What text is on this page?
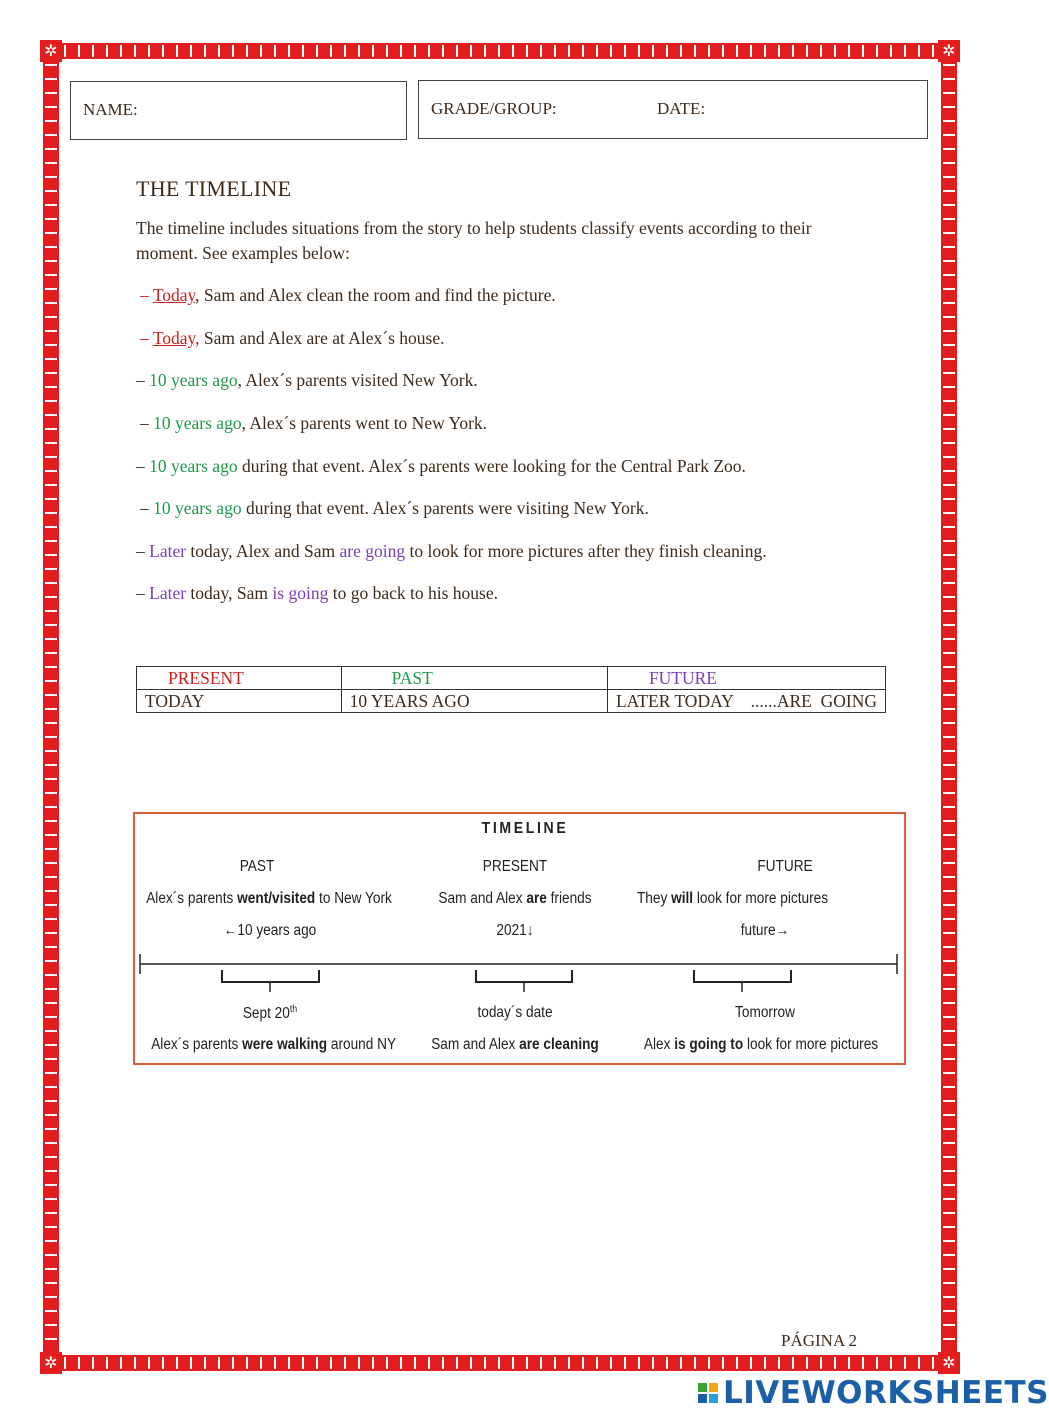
✲	✲
✲	✲
NAME:	GRADE/GROUP:	DATE:
THE TIMELINE
The timeline includes situations from the story to help students classify events according to their moment. See examples below:
– Today, Sam and Alex clean the room and find the picture.
– Today, Sam and Alex are at Alex´s house.
– 10 years ago, Alex´s parents visited New York.
– 10 years ago, Alex´s parents went to New York.
– 10 years ago during that event. Alex´s parents were looking for the Central Park Zoo.
– 10 years ago during that event. Alex´s parents were visiting New York.
– Later today, Alex and Sam are going to look for more pictures after they finish cleaning.
– Later today, Sam is going to go back to his house.
PRESENT	PAST	FUTURE
TODAY	10 YEARS AGO	LATER TODAY    ......ARE  GOING
TIMELINE
PAST
Alex´s parents went/visited to New York
←10 years ago
PRESENT
Sam and Alex are friends
2021↓
FUTURE
They will look for more pictures
future→
Sept 20th
Alex´s parents were walking around NY
today´s date
Sam and Alex are cleaning
Tomorrow
Alex is going to look for more pictures
PÁGINA 2
LIVEWORKSHEETS
